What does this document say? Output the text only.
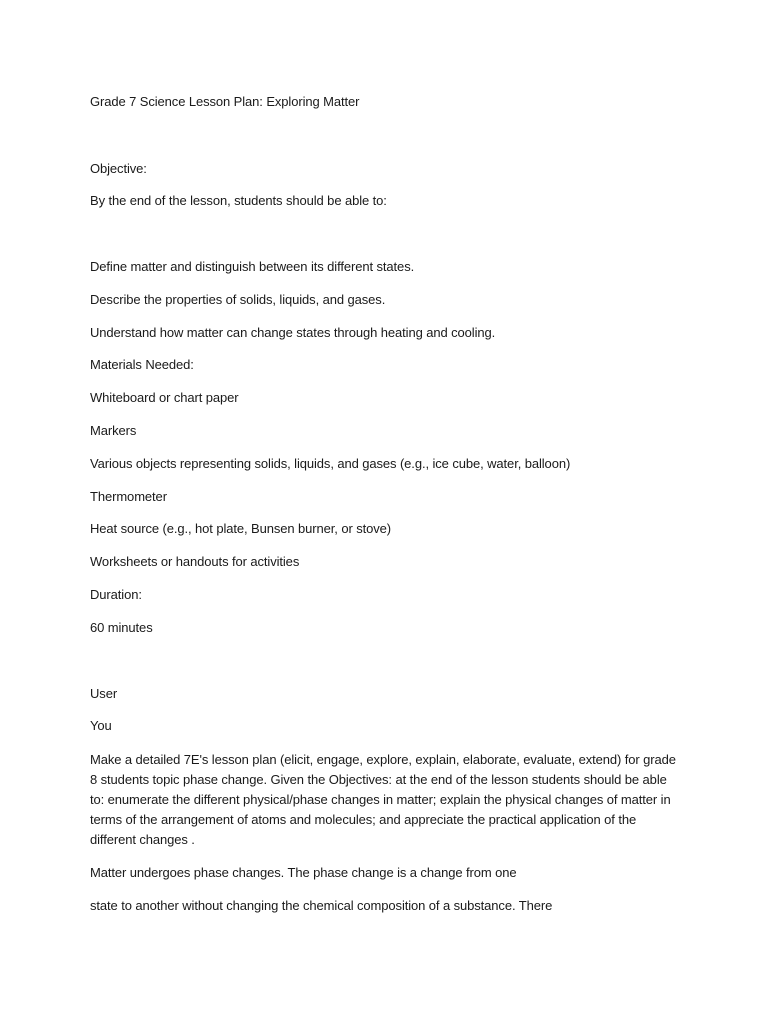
Grade 7 Science Lesson Plan: Exploring Matter

Objective:

By the end of the lesson, students should be able to:

Define matter and distinguish between its different states.

Describe the properties of solids, liquids, and gases.

Understand how matter can change states through heating and cooling.

Materials Needed:

Whiteboard or chart paper

Markers

Various objects representing solids, liquids, and gases (e.g., ice cube, water, balloon)

Thermometer

Heat source (e.g., hot plate, Bunsen burner, or stove)

Worksheets or handouts for activities

Duration:

60 minutes

User

You

Make a detailed 7E's lesson plan (elicit, engage, explore, explain, elaborate, evaluate, extend) for grade 8 students topic phase change. Given the Objectives: at the end of the lesson students should be able to: enumerate the different physical/phase changes in matter; explain the physical changes of matter in terms of the arrangement of atoms and molecules; and appreciate the practical application of the different changes .

Matter undergoes phase changes. The phase change is a change from one

state to another without changing the chemical composition of a substance. There
